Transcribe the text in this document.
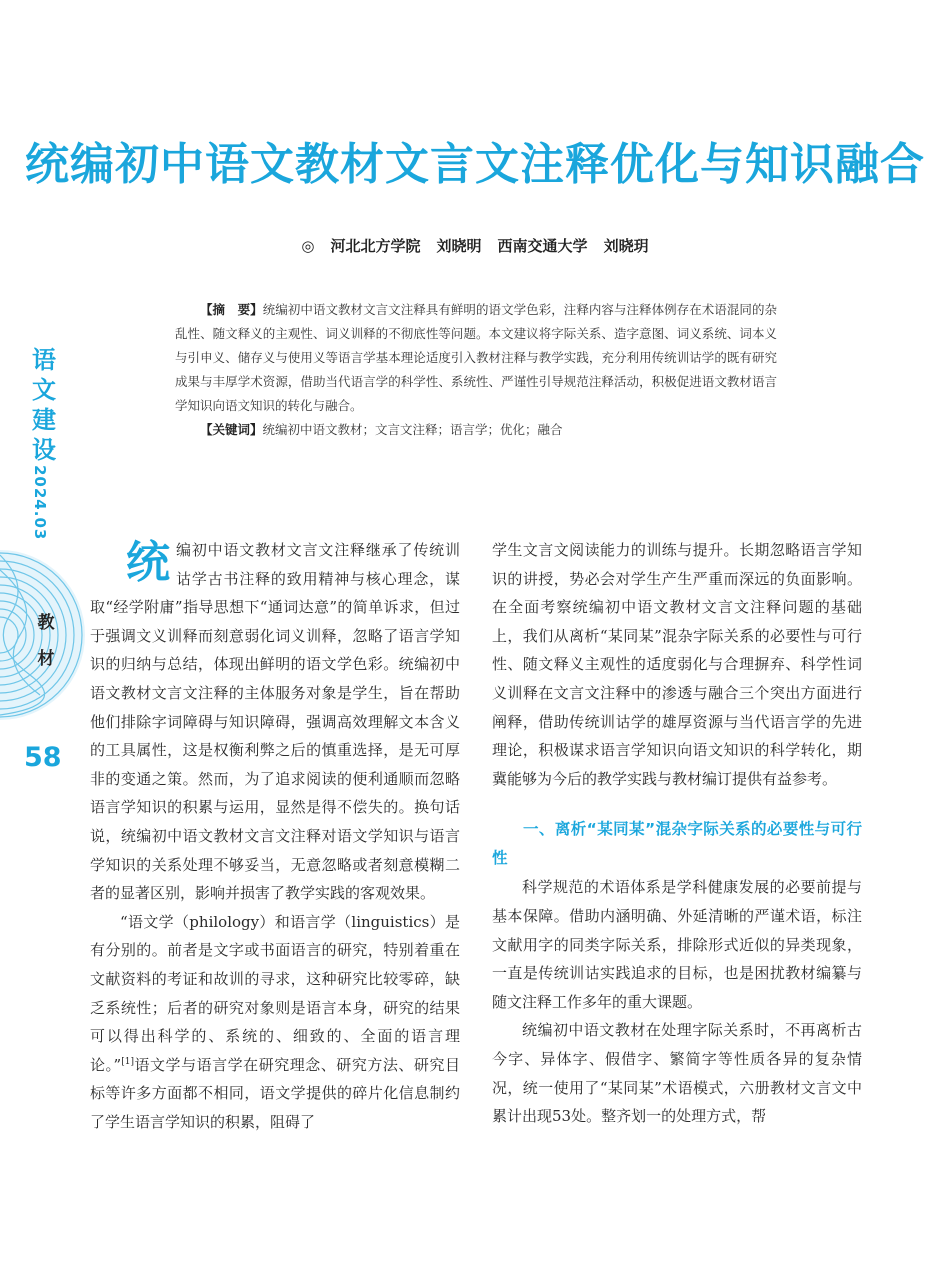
统编初中语文教材文言文注释优化与知识融合
◎ 河北北方学院 刘晓明 西南交通大学 刘晓玥

【摘　要】统编初中语文教材文言文注释具有鲜明的语文学色彩，注释内容与注释体例存在术语混同的杂乱性、随文释义的主观性、词义训释的不彻底性等问题。本文建议将字际关系、造字意图、词义系统、词本义与引申义、储存义与使用义等语言学基本理论适度引入教材注释与教学实践，充分利用传统训诂学的既有研究成果与丰厚学术资源，借助当代语言学的科学性、系统性、严谨性引导规范注释活动，积极促进语文教材语言学知识向语文知识的转化与融合。

【关键词】统编初中语文教材；文言文注释；语言学；优化；融合

语
文
建
设
2024.03
教
材
58

统编初中语文教材文言文注释继承了传统训诂学古书注释的致用精神与核心理念，谋取“经学附庸”指导思想下“通词达意”的简单诉求，但过于强调文义训释而刻意弱化词义训释，忽略了语言学知识的归纳与总结，体现出鲜明的语文学色彩。统编初中语文教材文言文注释的主体服务对象是学生，旨在帮助他们排除字词障碍与知识障碍，强调高效理解文本含义的工具属性，这是权衡利弊之后的慎重选择，是无可厚非的变通之策。然而，为了追求阅读的便利通顺而忽略语言学知识的积累与运用，显然是得不偿失的。换句话说，统编初中语文教材文言文注释对语文学知识与语言学知识的关系处理不够妥当，无意忽略或者刻意模糊二者的显著区别，影响并损害了教学实践的客观效果。

“语文学（philology）和语言学（linguistics）是有分别的。前者是文字或书面语言的研究，特别着重在文献资料的考证和故训的寻求，这种研究比较零碎，缺乏系统性；后者的研究对象则是语言本身，研究的结果可以得出科学的、系统的、细致的、全面的语言理论。”[1]语文学与语言学在研究理念、研究方法、研究目标等许多方面都不相同，语文学提供的碎片化信息制约了学生语言学知识的积累，阻碍了

学生文言文阅读能力的训练与提升。长期忽略语言学知识的讲授，势必会对学生产生严重而深远的负面影响。在全面考察统编初中语文教材文言文注释问题的基础上，我们从离析“某同某”混杂字际关系的必要性与可行性、随文释义主观性的适度弱化与合理摒弃、科学性词义训释在文言文注释中的渗透与融合三个突出方面进行阐释，借助传统训诂学的雄厚资源与当代语言学的先进理论，积极谋求语言学知识向语文知识的科学转化，期冀能够为今后的教学实践与教材编订提供有益参考。

一、离析“某同某”混杂字际关系的必要性与可行性

科学规范的术语体系是学科健康发展的必要前提与基本保障。借助内涵明确、外延清晰的严谨术语，标注文献用字的同类字际关系，排除形式近似的异类现象，一直是传统训诂实践追求的目标，也是困扰教材编纂与随文注释工作多年的重大课题。

统编初中语文教材在处理字际关系时，不再离析古今字、异体字、假借字、繁简字等性质各异的复杂情况，统一使用了“某同某”术语模式，六册教材文言文中累计出现53处。整齐划一的处理方式，帮
